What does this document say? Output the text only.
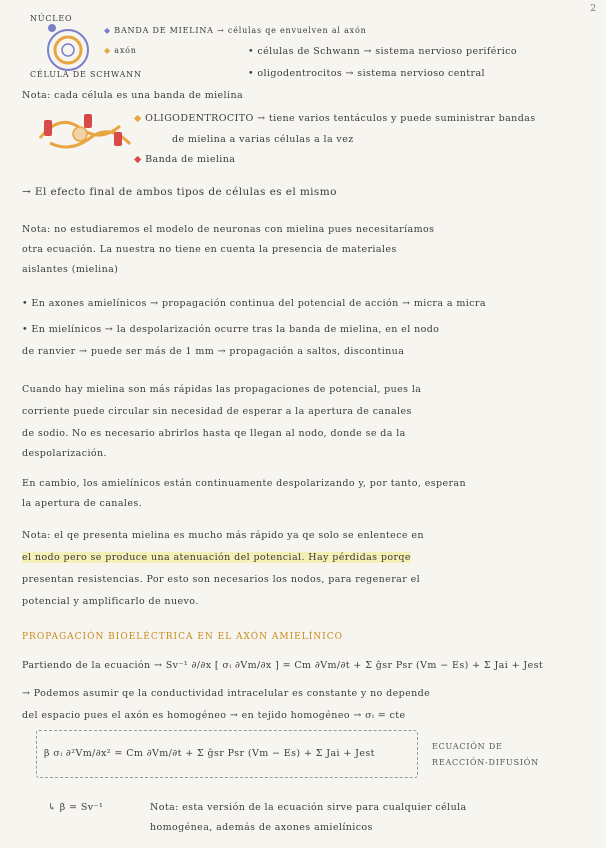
2
NÚCLEO
CÉLULA DE SCHWANN
◆ BANDA DE MIELINA → células qe envuelven al axón
◆ axón	• células de Schwann → sistema nervioso periférico
• oligodentrocitos → sistema nervioso central
Nota: cada célula es una banda de mielina
◆ OLIGODENTROCITO → tiene varios tentáculos y puede suministrar bandas
de mielina a varias células a la vez
◆ Banda de mielina
→ El efecto final de ambos tipos de células es el mismo
Nota: no estudiaremos el modelo de neuronas con mielina pues necesitaríamos
otra ecuación. La nuestra no tiene en cuenta la presencia de materiales
aislantes (mielina)
• En axones amielínicos → propagación continua del potencial de acción → micra a micra
• En mielínicos → la despolarización ocurre tras la banda de mielina, en el nodo
de ranvier → puede ser más de 1 mm → propagación a saltos, discontinua
Cuando hay mielina son más rápidas las propagaciones de potencial, pues la
corriente puede circular sin necesidad de esperar a la apertura de canales
de sodio. No es necesario abrirlos hasta qe llegan al nodo, donde se da la
despolarización.
En cambio, los amielínicos están continuamente despolarizando y, por tanto, esperan
la apertura de canales.
Nota: el qe presenta mielina es mucho más rápido ya qe solo se enlentece en
el nodo pero se produce una atenuación del potencial. Hay pérdidas porqe
presentan resistencias. Por esto son necesarios los nodos, para regenerar el
potencial y amplificarlo de nuevo.
PROPAGACIÓN BIOELÉCTRICA EN EL AXÓN AMIELÍNICO
Partiendo de la ecuación → Sv⁻¹ ∂/∂x [ σᵢ ∂Vm/∂x ] = Cm ∂Vm/∂t + Σ ĝsr Psr (Vm − Es) + Σ Jai + Jest
→ Podemos asumir qe la conductividad intracelular es constante y no depende
del espacio pues el axón es homogéneo → en tejido homogéneo → σᵢ = cte
β σᵢ ∂²Vm/∂x² = Cm ∂Vm/∂t + Σ ĝsr Psr (Vm − Es) + Σ Jai + Jest
ECUACIÓN DE
REACCIÓN-DIFUSIÓN
↳ β = Sv⁻¹	Nota: esta versión de la ecuación sirve para cualquier célula
homogénea, además de axones amielínicos
